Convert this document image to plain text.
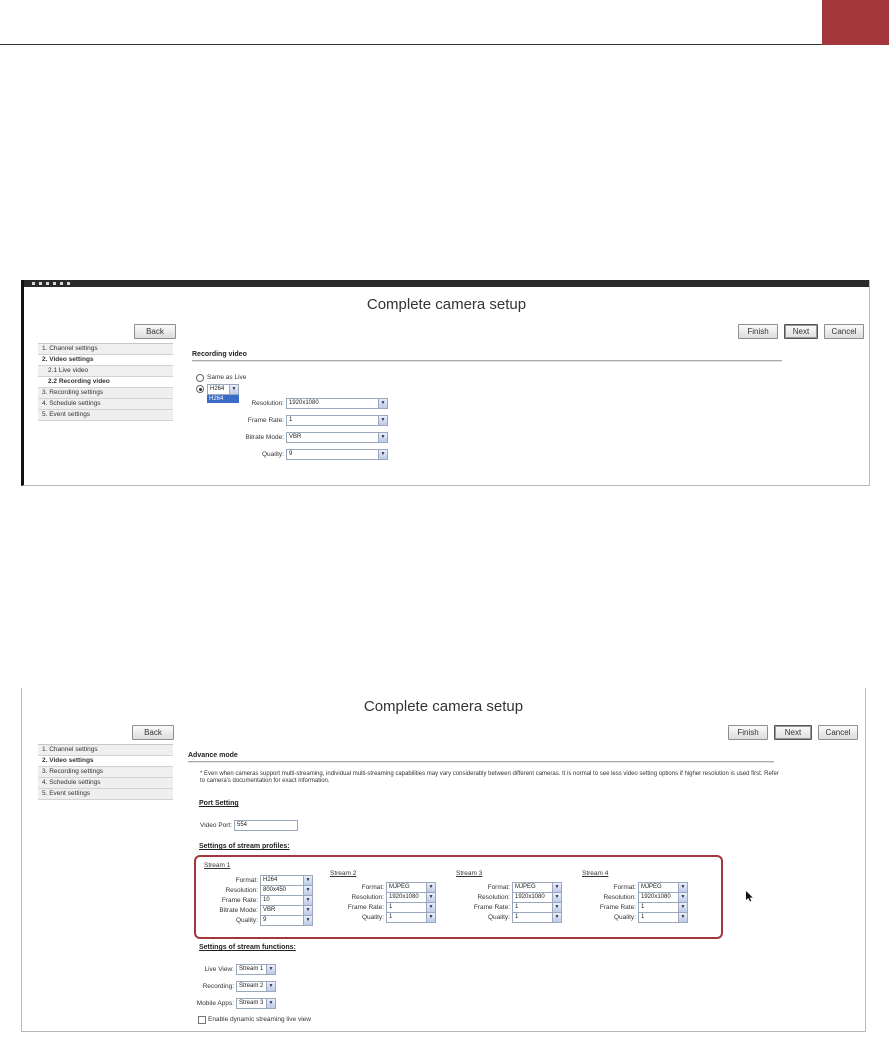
Complete camera setup
Back	Finish	Next	Cancel
1. Channel settings
2. Video settings
2.1 Live video
2.2 Recording video
3. Recording settings
4. Schedule settings
5. Event settings
Recording video
Same as Live
H264	▼
H264
Resolution: 1920x1080	▼
Frame Rate: 1	▼
Bitrate Mode: VBR	▼
Quality: 9	▼
Complete camera setup
Back	Finish	Next	Cancel
1. Channel settings
2. Video settings
3. Recording settings
4. Schedule settings
5. Event settings
Advance mode
* Even when cameras support multi-streaming, individual multi-streaming capabilities may vary considerably between different cameras. It is normal to see less video setting options if higher resolution is used first. Refer to camera's documentation for exact information.
Port Setting
Video Port: 554
Settings of stream profiles:
Stream 1
Format: H264	▼
Resolution: 800x450	▼
Frame Rate: 10	▼
Bitrate Mode: VBR	▼
Quality: 9	▼
Stream 2
Format: MJPEG	▼
Resolution: 1920x1080	▼
Frame Rate: 1	▼
Quality: 1	▼
Stream 3
Format: MJPEG	▼
Resolution: 1920x1080	▼
Frame Rate: 1	▼
Quality: 1	▼
Stream 4
Format: MJPEG	▼
Resolution: 1920x1080	▼
Frame Rate: 1	▼
Quality: 1	▼
Settings of stream functions:
Live View: Stream 1	▼
Recording: Stream 2	▼
Mobile Apps: Stream 3	▼
Enable dynamic streaming live view
